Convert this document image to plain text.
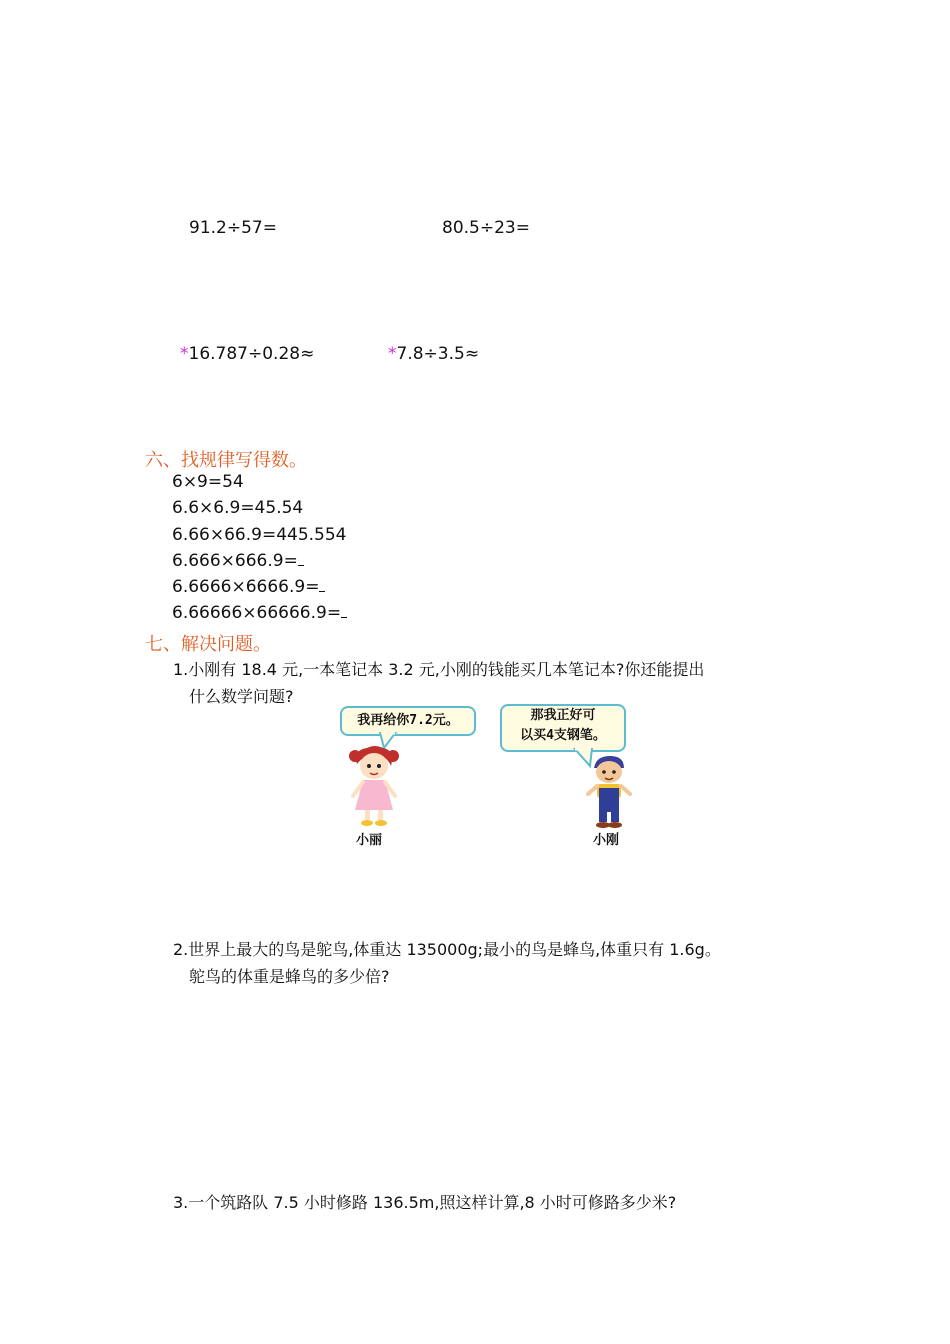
91.2÷57=	80.5÷23=
*16.787÷0.28≈	*7.8÷3.5≈
六、找规律写得数。
6×9=54
6.6×6.9=45.54
6.66×66.9=445.554
6.666×666.9=
6.6666×6666.9=
6.66666×66666.9=
七、解决问题。
1.小刚有 18.4 元,一本笔记本 3.2 元,小刚的钱能买几本笔记本?你还能提出
什么数学问题?
我再给你7.2元。	那我正好可
以买4支钢笔。
小丽	小刚
2.世界上最大的鸟是鸵鸟,体重达 135000g;最小的鸟是蜂鸟,体重只有 1.6g。
鸵鸟的体重是蜂鸟的多少倍?
3.一个筑路队 7.5 小时修路 136.5m,照这样计算,8 小时可修路多少米?
